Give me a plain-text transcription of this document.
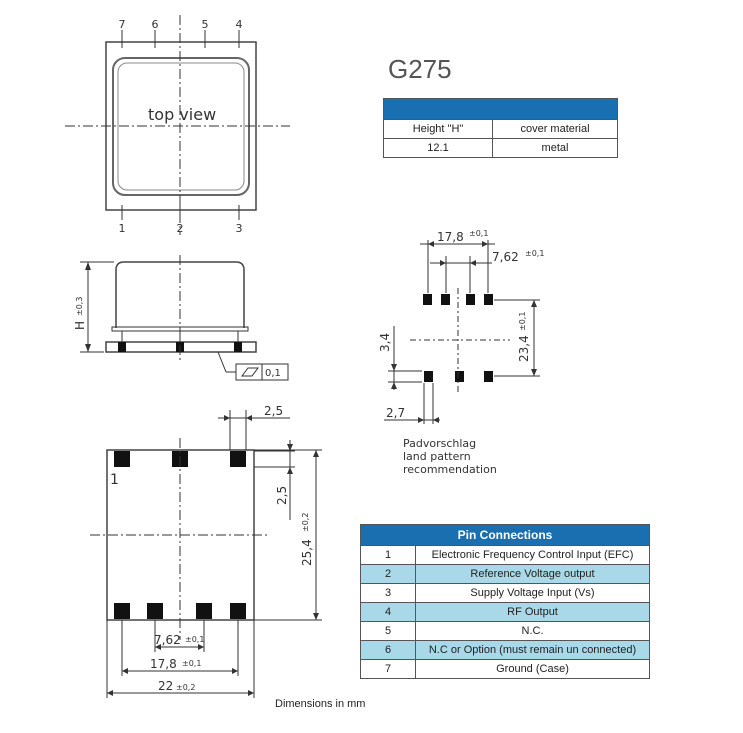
G275
top view
7 6	5 4
1	2	3
H
±0,3
0,1
17,8 ±0,1
7,62 ±0,1
23,4
±0,1
3,4
2,7
2,5
2,5
25,4
±0,2
1
7,62 ±0,1
17,8 ±0,1
22 ±0,2

Height "H"	cover material
12.1	metal
Padvorschlag
land pattern
recommendation
Pin Connections	
1	Electronic Frequency Control Input (EFC)
2	Reference Voltage output
3	Supply Voltage Input (Vs)
4	RF Output
5	N.C.
6	N.C or Option (must remain un connected)
7	Ground (Case)
Dimensions in mm
